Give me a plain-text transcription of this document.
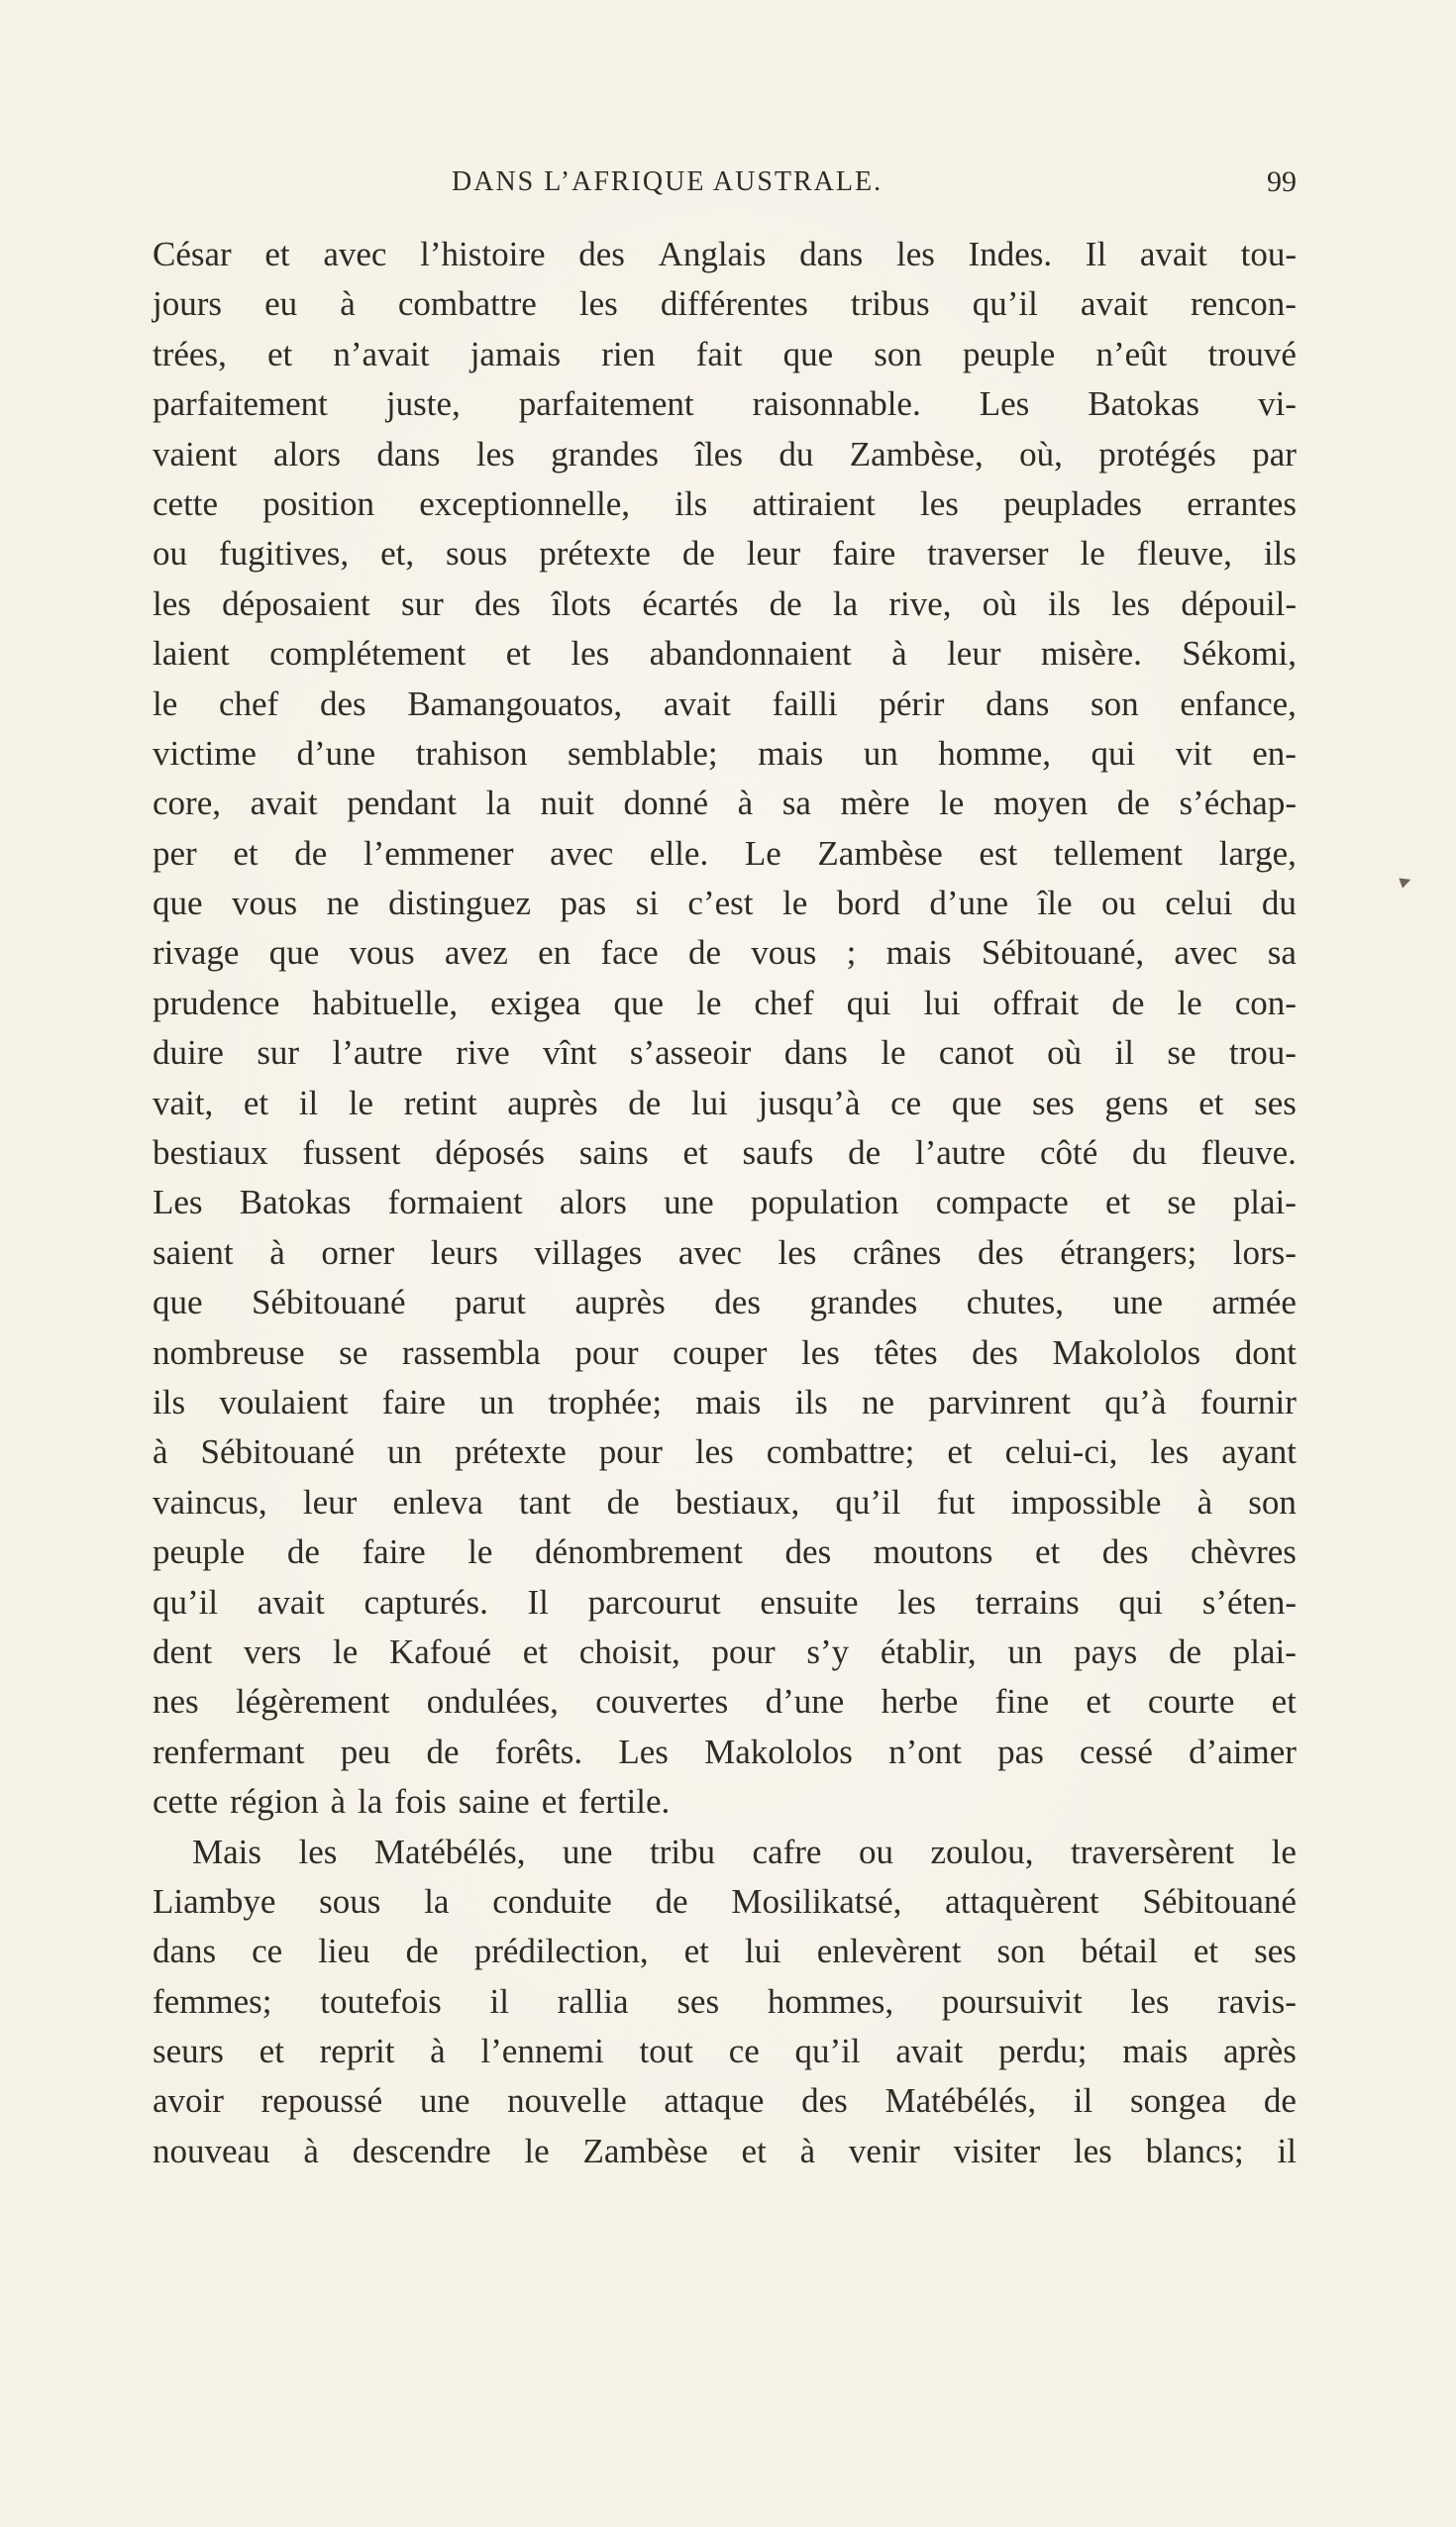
DANS L’AFRIQUE AUSTRALE.	99
►
César et avec l’histoire des Anglais dans les Indes. Il avait tou-
jours eu à combattre les différentes tribus qu’il avait rencon-
trées, et n’avait jamais rien fait que son peuple n’eût trouvé
parfaitement juste, parfaitement raisonnable. Les Batokas vi-
vaient alors dans les grandes îles du Zambèse, où, protégés par
cette position exceptionnelle, ils attiraient les peuplades errantes
ou fugitives, et, sous prétexte de leur faire traverser le fleuve, ils
les déposaient sur des îlots écartés de la rive, où ils les dépouil-
laient complétement et les abandonnaient à leur misère. Sékomi,
le chef des Bamangouatos, avait failli périr dans son enfance,
victime d’une trahison semblable; mais un homme, qui vit en-
core, avait pendant la nuit donné à sa mère le moyen de s’échap-
per et de l’emmener avec elle. Le Zambèse est tellement large,
que vous ne distinguez pas si c’est le bord d’une île ou celui du
rivage que vous avez en face de vous ; mais Sébitouané, avec sa
prudence habituelle, exigea que le chef qui lui offrait de le con-
duire sur l’autre rive vînt s’asseoir dans le canot où il se trou-
vait, et il le retint auprès de lui jusqu’à ce que ses gens et ses
bestiaux fussent déposés sains et saufs de l’autre côté du fleuve.
Les Batokas formaient alors une population compacte et se plai-
saient à orner leurs villages avec les crânes des étrangers; lors-
que Sébitouané parut auprès des grandes chutes, une armée
nombreuse se rassembla pour couper les têtes des Makololos dont
ils voulaient faire un trophée; mais ils ne parvinrent qu’à fournir
à Sébitouané un prétexte pour les combattre; et celui-ci, les ayant
vaincus, leur enleva tant de bestiaux, qu’il fut impossible à son
peuple de faire le dénombrement des moutons et des chèvres
qu’il avait capturés. Il parcourut ensuite les terrains qui s’éten-
dent vers le Kafoué et choisit, pour s’y établir, un pays de plai-
nes légèrement ondulées, couvertes d’une herbe fine et courte et
renfermant peu de forêts. Les Makololos n’ont pas cessé d’aimer
cette région à la fois saine et fertile.
Mais les Matébélés, une tribu cafre ou zoulou, traversèrent le
Liambye sous la conduite de Mosilikatsé, attaquèrent Sébitouané
dans ce lieu de prédilection, et lui enlevèrent son bétail et ses
femmes; toutefois il rallia ses hommes, poursuivit les ravis-
seurs et reprit à l’ennemi tout ce qu’il avait perdu; mais après
avoir repoussé une nouvelle attaque des Matébélés, il songea de
nouveau à descendre le Zambèse et à venir visiter les blancs; il
